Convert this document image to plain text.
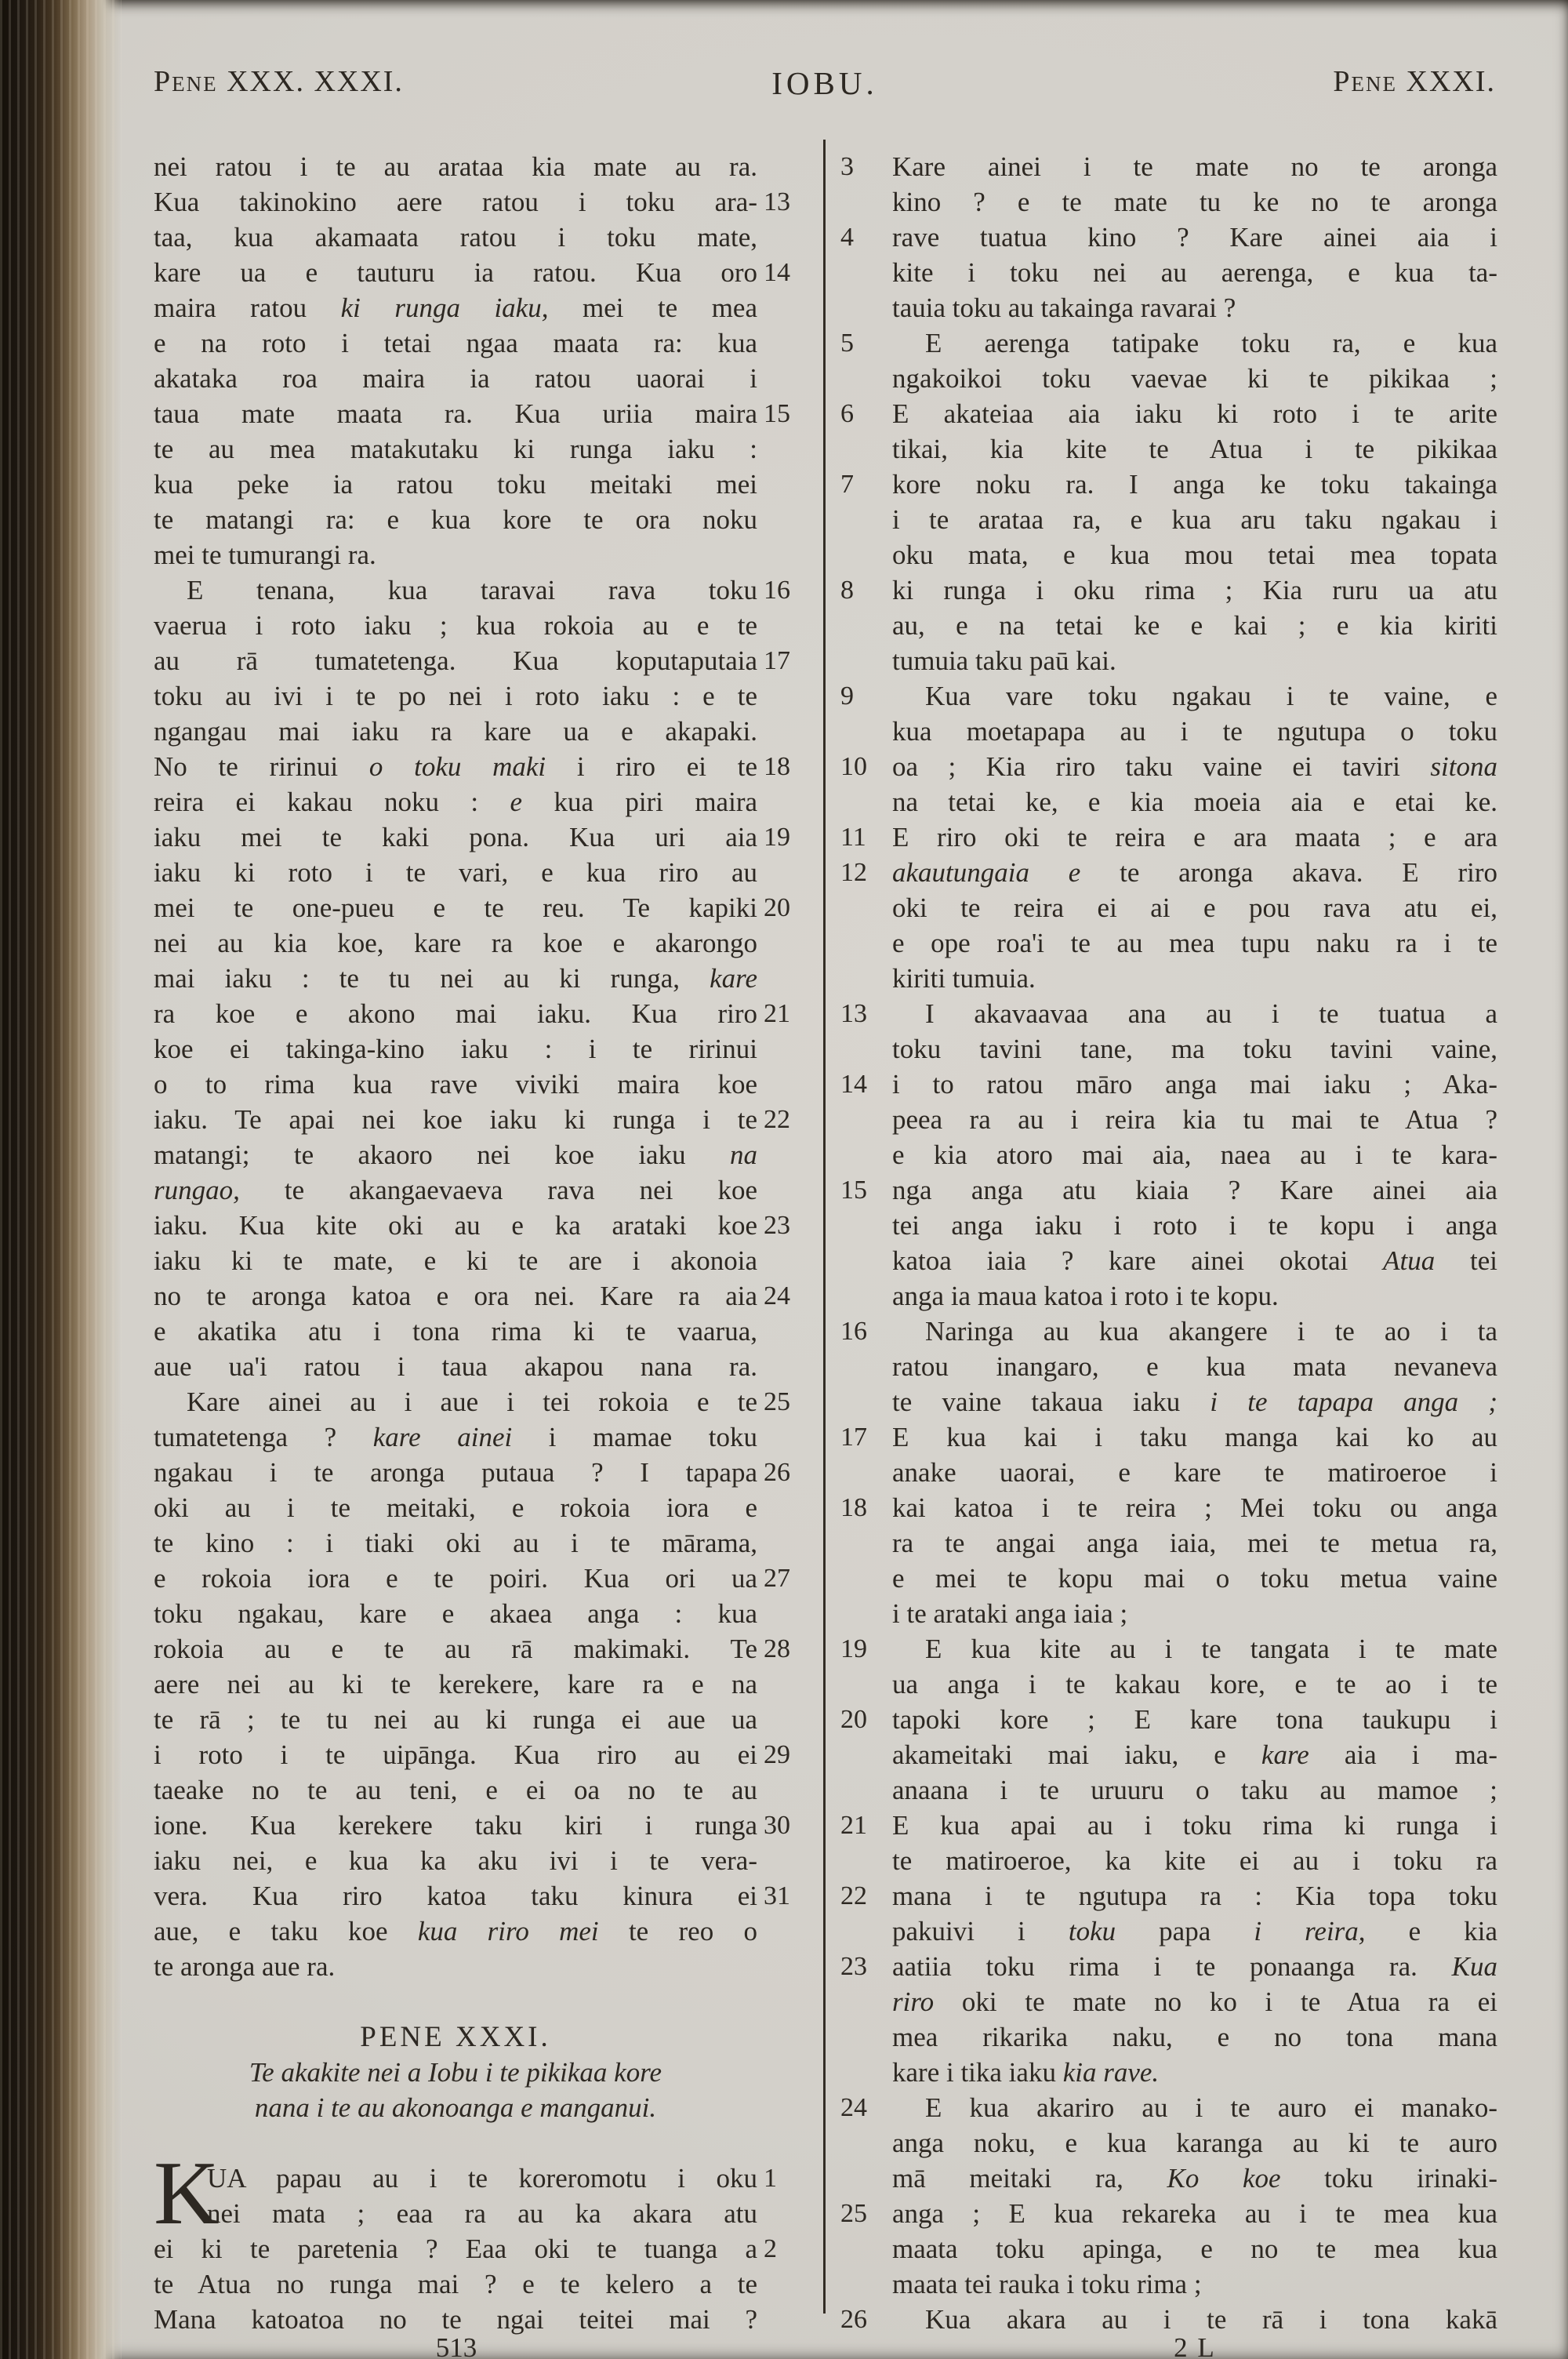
Pene XXX. XXXI.	IOBU.	Pene XXXI.
nei ratou i te au arataa kia mate au ra.
Kua takinokino aere ratou i toku ara- 13
taa, kua akamaata ratou i toku mate,
kare ua e tauturu ia ratou. Kua oro 14
maira ratou ki runga iaku, mei te mea
e na roto i tetai ngaa maata ra: kua
akataka roa maira ia ratou uaorai i
taua mate maata ra. Kua uriia maira 15
te au mea matakutaku ki runga iaku :
kua peke ia ratou toku meitaki mei
te matangi ra: e kua kore te ora noku
mei te tumurangi ra.
E tenana, kua taravai rava toku 16
vaerua i roto iaku ; kua rokoia au e te
au rā tumatetenga. Kua koputaputaia 17
toku au ivi i te po nei i roto iaku : e te
ngangau mai iaku ra kare ua e akapaki.
No te ririnui o toku maki i riro ei te 18
reira ei kakau noku : e kua piri maira
iaku mei te kaki pona. Kua uri aia 19
iaku ki roto i te vari, e kua riro au
mei te one-pueu e te reu. Te kapiki 20
nei au kia koe, kare ra koe e akarongo
mai iaku : te tu nei au ki runga, kare
ra koe e akono mai iaku. Kua riro 21
koe ei takinga-kino iaku : i te ririnui
o to rima kua rave viviki maira koe
iaku. Te apai nei koe iaku ki runga i te 22
matangi; te akaoro nei koe iaku na
rungao, te akangaevaeva rava nei koe
iaku. Kua kite oki au e ka arataki koe 23
iaku ki te mate, e ki te are i akonoia
no te aronga katoa e ora nei. Kare ra aia 24
e akatika atu i tona rima ki te vaarua,
aue ua'i ratou i taua akapou nana ra.
Kare ainei au i aue i tei rokoia e te 25
tumatetenga ? kare ainei i mamae toku
ngakau i te aronga putaua ? I tapapa 26
oki au i te meitaki, e rokoia iora e
te kino : i tiaki oki au i te mārama,
e rokoia iora e te poiri. Kua ori ua 27
toku ngakau, kare e akaea anga : kua
rokoia au e te au rā makimaki. Te 28
aere nei au ki te kerekere, kare ra e na
te rā ; te tu nei au ki runga ei aue ua
i roto i te uipānga. Kua riro au ei 29
taeake no te au teni, e ei oa no te au
ione. Kua kerekere taku kiri i runga 30
iaku nei, e kua ka aku ivi i te vera-
vera. Kua riro katoa taku kinura ei 31
aue, e taku koe kua riro mei te reo o
te aronga aue ra.
PENE XXXI.
Te akakite nei a Iobu i te pikikaa kore
nana i te au akonoanga e manganui.
UA papau au i te koreromotu i oku
K	1
nei mata ; eaa ra au ka akara atu
ei ki te paretenia ? Eaa oki te tuanga a 2
te Atua no runga mai ? e te kelero a te
Mana katoatoa no te ngai teitei mai ?
Kare ainei i te mate no te aronga
3
kino ? e te mate tu ke no te aronga
rave tuatua kino ? Kare ainei aia i
4
kite i toku nei au aerenga, e kua ta-
tauia toku au takainga ravarai ?
E aerenga tatipake toku ra, e kua
5
ngakoikoi toku vaevae ki te pikikaa ;
E akateiaa aia iaku ki roto i te arite
6
tikai, kia kite te Atua i te pikikaa
kore noku ra. I anga ke toku takainga
7
i te arataa ra, e kua aru taku ngakau i
oku mata, e kua mou tetai mea topata
ki runga i oku rima ; Kia ruru ua atu
8
au, e na tetai ke e kai ; e kia kiriti
tumuia taku paū kai.
Kua vare toku ngakau i te vaine, e
9
kua moetapapa au i te ngutupa o toku
oa ; Kia riro taku vaine ei taviri sitona
10
na tetai ke, e kia moeia aia e etai ke.
E riro oki te reira e ara maata ; e ara
11
akautungaia e te aronga akava. E riro
12
oki te reira ei ai e pou rava atu ei,
e ope roa'i te au mea tupu naku ra i te
kiriti tumuia.
I akavaavaa ana au i te tuatua a
13
toku tavini tane, ma toku tavini vaine,
i to ratou māro anga mai iaku ; Aka-
14
peea ra au i reira kia tu mai te Atua ?
e kia atoro mai aia, naea au i te kara-
nga anga atu kiaia ? Kare ainei aia
15
tei anga iaku i roto i te kopu i anga
katoa iaia ? kare ainei okotai Atua tei
anga ia maua katoa i roto i te kopu.
Naringa au kua akangere i te ao i ta
16
ratou inangaro, e kua mata nevaneva
te vaine takaua iaku i te tapapa anga ;
E kua kai i taku manga kai ko au
17
anake uaorai, e kare te matiroeroe i
kai katoa i te reira ; Mei toku ou anga
18
ra te angai anga iaia, mei te metua ra,
e mei te kopu mai o toku metua vaine
i te arataki anga iaia ;
E kua kite au i te tangata i te mate
19
ua anga i te kakau kore, e te ao i te
tapoki kore ; E kare tona taukupu i
20
akameitaki mai iaku, e kare aia i ma-
anaana i te uruuru o taku au mamoe ;
E kua apai au i toku rima ki runga i
21
te matiroeroe, ka kite ei au i toku ra
mana i te ngutupa ra : Kia topa toku
22
pakuivi i toku papa i reira, e kia
aatiia toku rima i te ponaanga ra. Kua
23
riro oki te mate no ko i te Atua ra ei
mea rikarika naku, e no tona mana
kare i tika iaku kia rave.
E kua akariro au i te auro ei manako-
24
anga noku, e kua karanga au ki te auro
mā meitaki ra, Ko koe toku irinaki-
anga ; E kua rekareka au i te mea kua
25
maata toku apinga, e no te mea kua
maata tei rauka i toku rima ;
Kua akara au i te rā i tona kakā
26
513	2 L
